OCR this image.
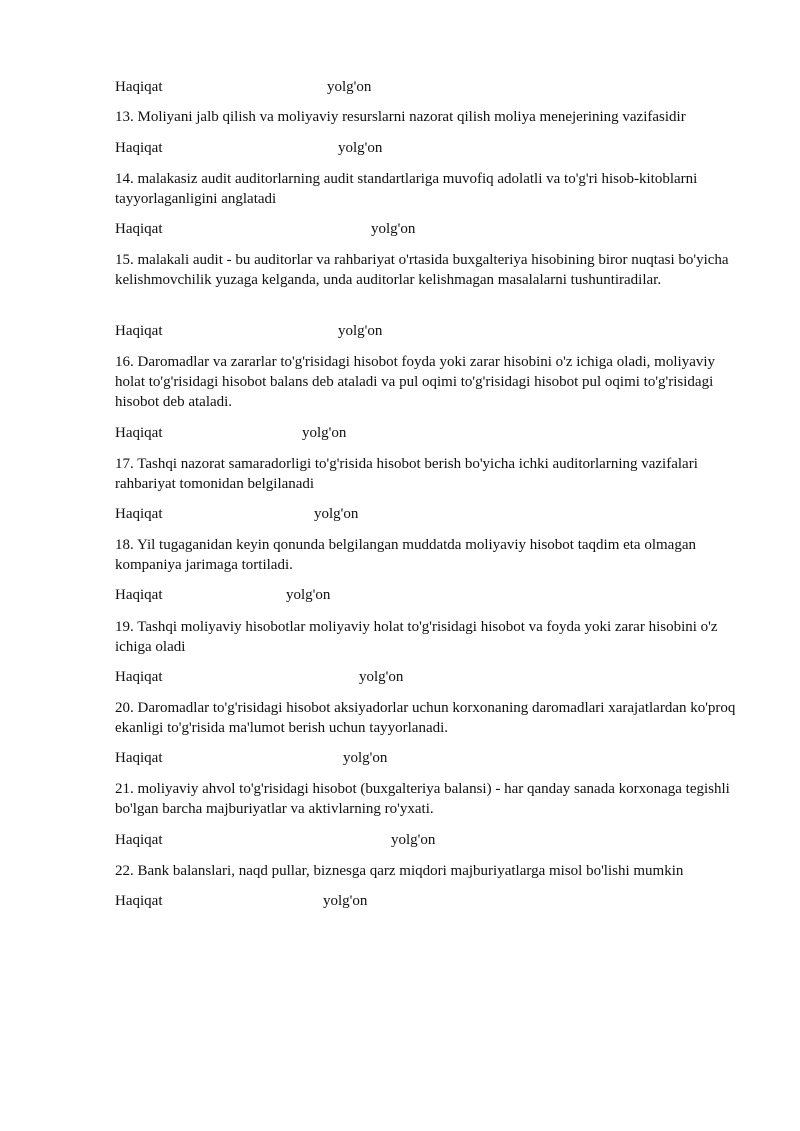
Haqiqat	yolg'on
13. Moliyani jalb qilish va moliyaviy resurslarni nazorat qilish moliya menejerining vazifasidir
Haqiqat	yolg'on
14. malakasiz audit auditorlarning audit standartlariga muvofiq adolatli va to'g'ri hisob-kitoblarni tayyorlaganligini anglatadi
Haqiqat	yolg'on
15. malakali audit - bu auditorlar va rahbariyat o'rtasida buxgalteriya hisobining biror nuqtasi bo'yicha kelishmovchilik yuzaga kelganda, unda auditorlar kelishmagan masalalarni tushuntiradilar.
Haqiqat	yolg'on
16. Daromadlar va zararlar to'g'risidagi hisobot foyda yoki zarar hisobini o'z ichiga oladi, moliyaviy holat to'g'risidagi hisobot balans deb ataladi va pul oqimi to'g'risidagi hisobot pul oqimi to'g'risidagi hisobot deb ataladi.
Haqiqat	yolg'on
17. Tashqi nazorat samaradorligi to'g'risida hisobot berish bo'yicha ichki auditorlarning vazifalari rahbariyat tomonidan belgilanadi
Haqiqat	yolg'on
18. Yil tugaganidan keyin qonunda belgilangan muddatda moliyaviy hisobot taqdim eta olmagan kompaniya jarimaga tortiladi.
Haqiqat	yolg'on
19. Tashqi moliyaviy hisobotlar moliyaviy holat to'g'risidagi hisobot va foyda yoki zarar hisobini o'z ichiga oladi
Haqiqat	yolg'on
20. Daromadlar to'g'risidagi hisobot aksiyadorlar uchun korxonaning daromadlari xarajatlardan ko'proq ekanligi to'g'risida ma'lumot berish uchun tayyorlanadi.
Haqiqat	yolg'on
21. moliyaviy ahvol to'g'risidagi hisobot (buxgalteriya balansi) - har qanday sanada korxonaga tegishli bo'lgan barcha majburiyatlar va aktivlarning ro'yxati.
Haqiqat	yolg'on
22. Bank balanslari, naqd pullar, biznesga qarz miqdori majburiyatlarga misol bo'lishi mumkin
Haqiqat	yolg'on
